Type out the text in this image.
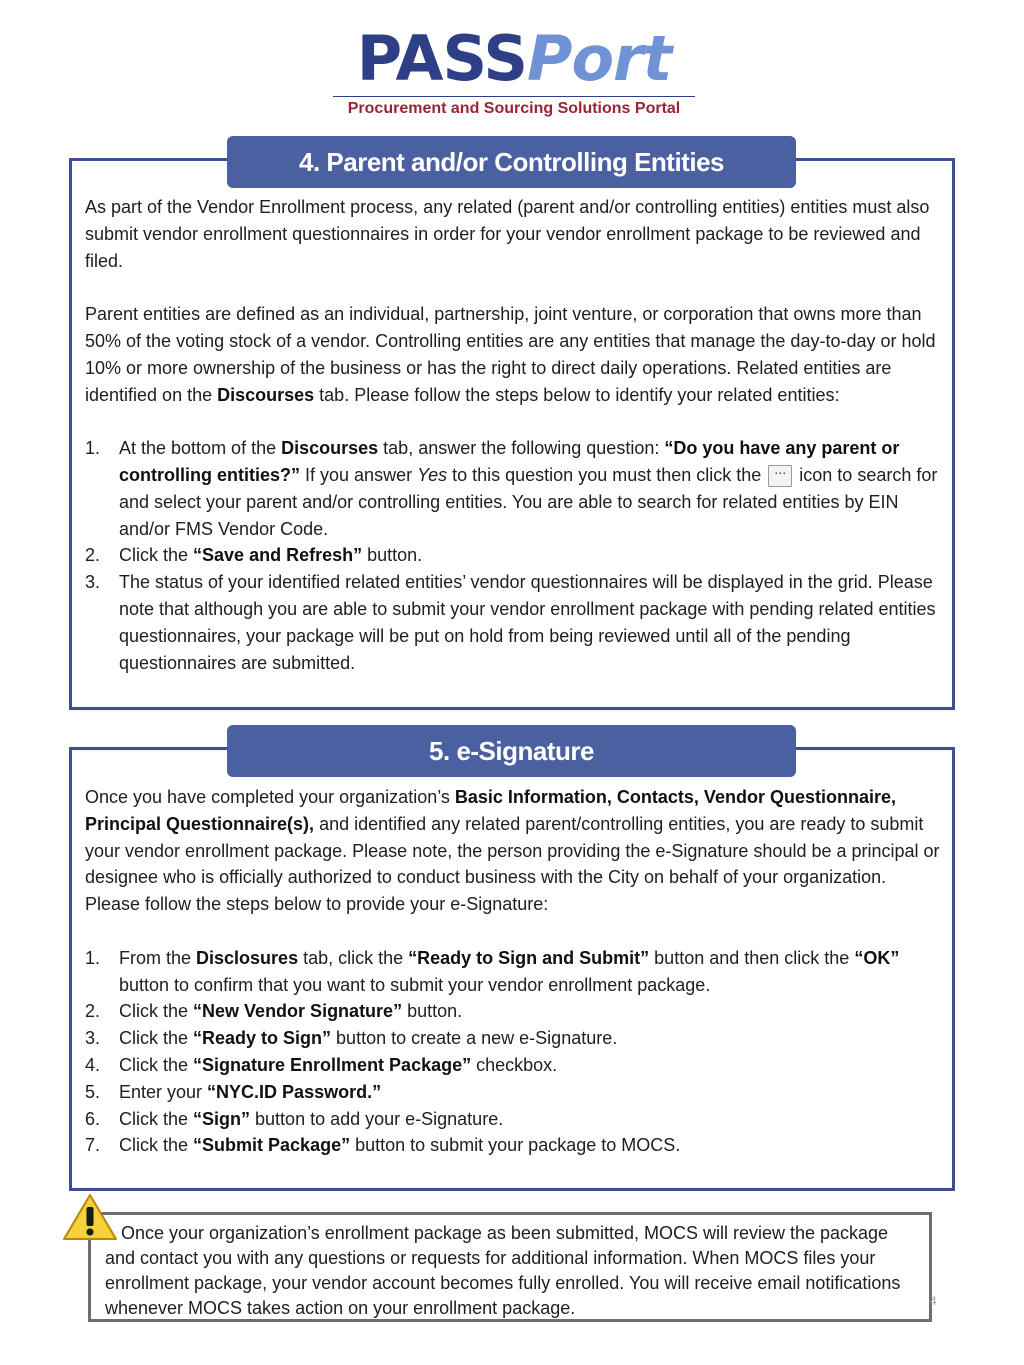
PASSPort
Procurement and Sourcing Solutions Portal
4. Parent and/or Controlling Entities

As part of the Vendor Enrollment process, any related (parent and/or controlling entities) entities must also submit vendor enrollment questionnaires in order for your vendor enrollment package to be reviewed and filed.

Parent entities are defined as an individual, partnership, joint venture, or corporation that owns more than 50% of the voting stock of a vendor. Controlling entities are any entities that manage the day-to-day or hold 10% or more ownership of the business or has the right to direct daily operations. Related entities are identified on the Discourses tab. Please follow the steps below to identify your related entities:

1. At the bottom of the Discourses tab, answer the following question: “Do you have any parent or controlling entities?” If you answer Yes to this question you must then click the ⋯ icon to search for and select your parent and/or controlling entities. You are able to search for related entities by EIN and/or FMS Vendor Code.
2. Click the “Save and Refresh” button.
3. The status of your identified related entities’ vendor questionnaires will be displayed in the grid. Please note that although you are able to submit your vendor enrollment package with pending related entities questionnaires, your package will be put on hold from being reviewed until all of the pending questionnaires are submitted.
5. e-Signature

Once you have completed your organization’s Basic Information, Contacts, Vendor Questionnaire, Principal Questionnaire(s), and identified any related parent/controlling entities, you are ready to submit your vendor enrollment package. Please note, the person providing the e-Signature should be a principal or designee who is officially authorized to conduct business with the City on behalf of your organization. Please follow the steps below to provide your e-Signature:

1. From the Disclosures tab, click the “Ready to Sign and Submit” button and then click the “OK” button to confirm that you want to submit your vendor enrollment package.
2. Click the “New Vendor Signature” button.
3. Click the “Ready to Sign” button to create a new e-Signature.
4. Click the “Signature Enrollment Package” checkbox.
5. Enter your “NYC.ID Password.”
6. Click the “Sign” button to add your e-Signature.
7. Click the “Submit Package” button to submit your package to MOCS.
Once your organization’s enrollment package as been submitted, MOCS will review the package and contact you with any questions or requests for additional information. When MOCS files your enrollment package, your vendor account becomes fully enrolled. You will receive email notifications whenever MOCS takes action on your enrollment package.	4
